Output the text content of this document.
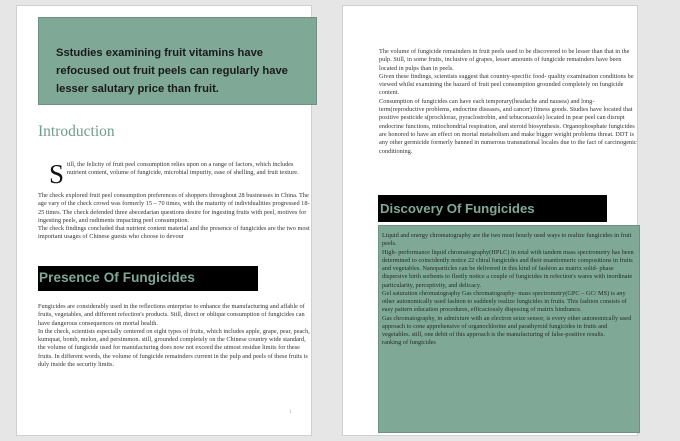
Sstudies examining fruit vitamins have refocused out fruit peels can regularly have lesser salutary price than fruit.
Introduction

Still, the felicity of fruit peel consumption relies upon on a range of factors, which includes nutrient content, volume of fungicide, microbial impurity, ease of shelling, and fruit texture.

The check explored fruit peel consumption preferences of shoppers throughout 28 businesses in China. The age vary of the check crowd was formerly 15 – 70 times, with the maturity of individualities progressed 18- 25 times. The check defended three abecedarian questions desire for ingesting fruits with peel, motives for ingesting peels, and rudiments impacting peel consumption.

The check findings concluded that nutrient content material and the presence of fungicides are the two most important usages of Chinese guests who choose to devour

Presence Of Fungicides

Fungicides are considerably used in the reflections enterprise to enhance the manufacturing and affable of fruits, vegetables, and different refection's products. Still, direct or oblique consumption of fungicides can have dangerous consequences on mortal health.

In the check, scientists especially centered on eight types of fruits, which includes apple, grape, pear, peach, kumquat, bomb, melon, and persimmon. still, grounded completely on the Chinese country wide standard, the volume of fungicide used for manufacturing does now not exceed the utmost residue limits for these fruits. In different words, the volume of fungicide remainders current in the pulp and peels of these fruits is duly inside the security limits.

1

The volume of fungicide remainders in fruit peels used to be discovered to be lesser than that in the pulp. Still, in some fruits, inclusive of grapes, lesser amounts of fungicide remainders have been located in pulps than in peels.

Given these findings, scientists suggest that country-specific food- quality examination conditions be viewed whilst examining the hazard of fruit peel consumption grounded completely on fungicide content.

Consumption of fungicides can have each temporary(headache and nausea) and long-term(reproductive problems, endocrine diseases, and cancer) fitness goods. Studies have located that positive pesticide s(prochloraz, pyraclostrobin, and tebuconazole) located in pear peel can disrupt endocrine functions, mitochondrial respiration, and steroid biosynthesis. Organophosphate fungicides are honored to have an effect on mortal metabolism and make bigger weight problems threat. DDT is any other germicide formerly banned in numerous transnational locales due to the fact of carcinogenic conditioning.

Discovery Of Fungicides

Liquid and energy chromatography are the two most hourly used ways to realize fungicides in fruit peels.

High- performance liquid chromatography(HPLC) in total with tandem mass spectrometry has been determined to coincidently notice 22 chiral fungicides and their enantiomeric compositions in fruits and vegetables. Nanoparticles can be delivered in this kind of fashion as matrix solid- phase dispersive birth sorbents to fleetly notice a couple of fungicides in refection's wares with inordinate particularity, perceptivity, and delicacy.

Gel saturation chromatography Gas chromatography- mass spectrometry(GPC – GC/ MS) is any other autonomically used fashion to suddenly realize fungicides in fruits. This fashion consists of easy pattern education procedures, efficaciously disposing of matrix hindrance.

Gas chromatography, in admixture with an electron seize sensor, is every other autonomically used approach to cone apprehensive of organochlorine and parathyroid fungicides in fruits and vegetables. still, one debit of this approach is the manufacturing of false-positive results.

ranking of fungicides

2
